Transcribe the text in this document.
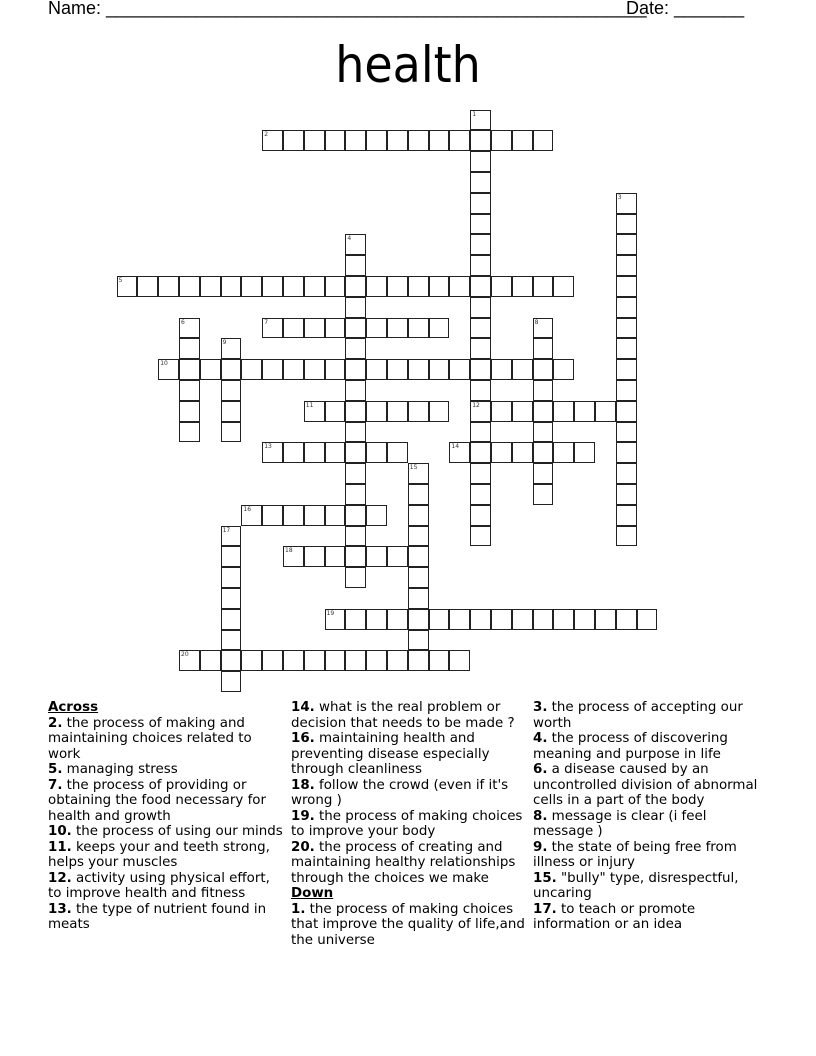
Name: ______________________________________________________
Date: _______
health
1
12
2
3
4
5
6	7	8
9
10
11
13	14
15
16
17
18
19
20
Across
2. the process of making and maintaining choices related to work
5. managing stress
7. the process of providing or obtaining the food necessary for health and growth
10. the process of using our minds
11. keeps your and teeth strong, helps your muscles
12. activity using physical effort, to improve health and fitness
13. the type of nutrient found in meats
14. what is the real problem or decision that needs to be made ?
16. maintaining health and preventing disease especially through cleanliness
18. follow the crowd (even if it's wrong )
19. the process of making choices to improve your body
20. the process of creating and maintaining healthy relationships through the choices we make
Down
1. the process of making choices that improve the quality of life,and the universe
3. the process of accepting our worth
4. the process of discovering meaning and purpose in life
6. a disease caused by an uncontrolled division of abnormal cells in a part of the body
8. message is clear (i feel message )
9. the state of being free from illness or injury
15. "bully" type, disrespectful, uncaring
17. to teach or promote information or an idea
